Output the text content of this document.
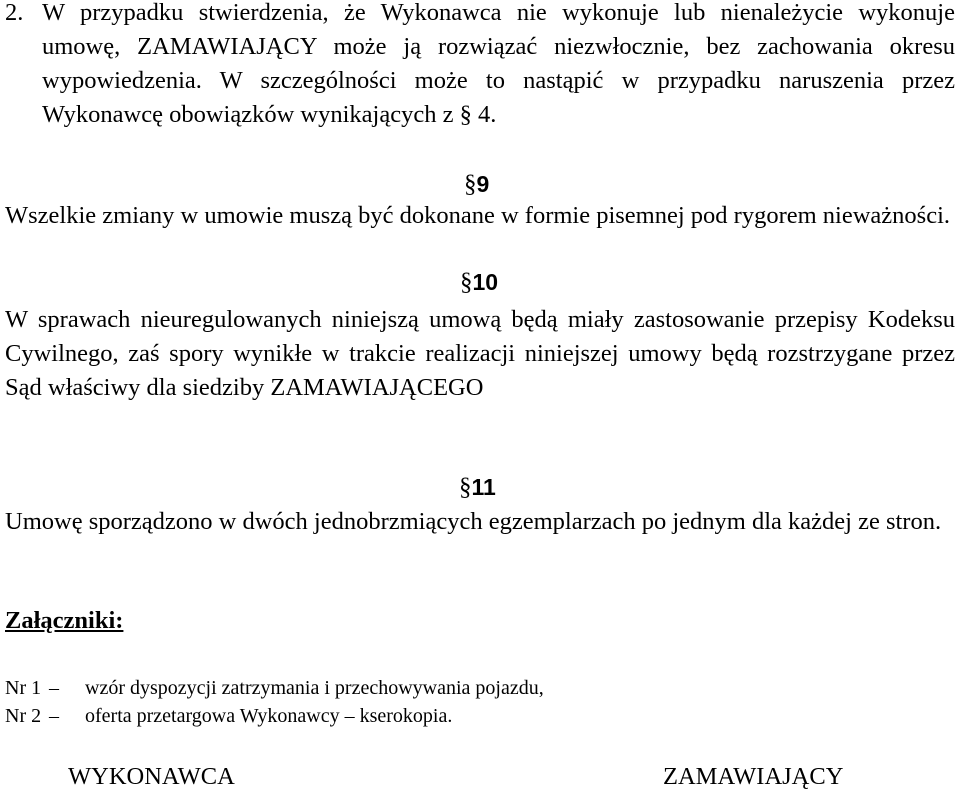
2. W przypadku stwierdzenia, że Wykonawca nie wykonuje lub nienależycie wykonuje umowę, ZAMAWIAJĄCY może ją rozwiązać niezwłocznie, bez zachowania okresu wypowiedzenia. W szczególności może to nastąpić w przypadku naruszenia przez Wykonawcę obowiązków wynikających z § 4.
§9
Wszelkie zmiany w umowie muszą być dokonane w formie pisemnej pod rygorem nieważności.
§10
W sprawach nieuregulowanych niniejszą umową będą miały zastosowanie przepisy Kodeksu Cywilnego, zaś spory wynikłe w trakcie realizacji niniejszej umowy będą rozstrzygane przez Sąd właściwy dla siedziby ZAMAWIAJĄCEGO
§11
Umowę sporządzono w dwóch jednobrzmiących egzemplarzach po jednym dla każdej ze stron.
Załączniki:
Nr 1 – wzór dyspozycji zatrzymania i przechowywania pojazdu,
Nr 2 – oferta przetargowa Wykonawcy – kserokopia.
WYKONAWCA	ZAMAWIAJĄCY
